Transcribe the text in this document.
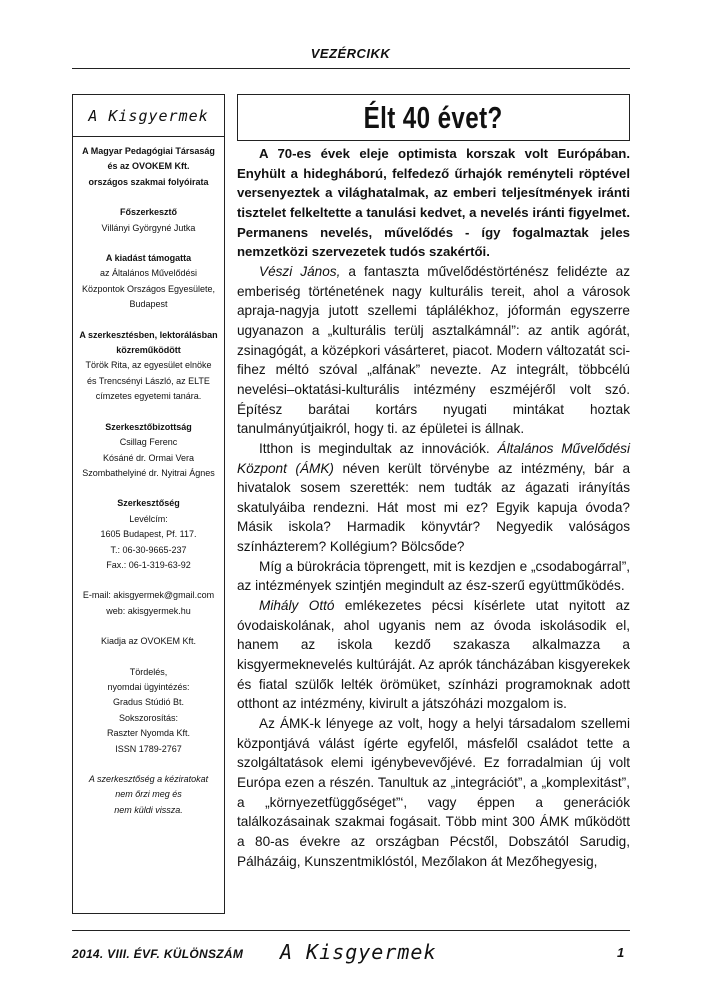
VEZÉRCIKK
A Kisgyermek
A Magyar Pedagógiai Társaság
és az OVOKEM Kft.
országos szakmai folyóirata
Főszerkesztő
Villányi Györgyné Jutka
A kiadást támogatta
az Általános Művelődési
Központok Országos Egyesülete,
Budapest
A szerkesztésben, lektorálásban
közreműködött
Török Rita, az egyesület elnöke
és Trencsényi László, az ELTE
címzetes egyetemi tanára.
Szerkesztőbizottság
Csillag Ferenc
Kósáné dr. Ormai Vera
Szombathelyiné dr. Nyitrai Ágnes
Szerkesztőség
Levélcím:
1605 Budapest, Pf. 117.
T.: 06-30-9665-237
Fax.: 06-1-319-63-92
E-mail: akisgyermek@gmail.com
web: akisgyermek.hu
Kiadja az OVOKEM Kft.
Tördelés,
nyomdai ügyintézés:
Gradus Stúdió Bt.
Sokszorosítás:
Raszter Nyomda Kft.
ISSN 1789-2767
A szerkesztőség a kéziratokat
nem őrzi meg és
nem küldi vissza.
Élt 40 évet?

A 70-es évek eleje optimista korszak volt Európában. Enyhült a hidegháború, felfedező űrhajók reményteli röptével versenyeztek a világhatalmak, az emberi teljesítmények iránti tisztelet felkeltette a tanulási kedvet, a nevelés iránti figyelmet. Permanens nevelés, művelődés - így fogalmaztak jeles nemzetközi szervezetek tudós szakértői.

Vészi János, a fantaszta művelődéstörténész felidézte az emberiség történetének nagy kulturális tereit, ahol a városok apraja-nagyja jutott szellemi táplálékhoz, jóformán egyszerre ugyanazon a „kulturális terülj asztalkámnál”: az antik agórát, zsinagógát, a középkori vásárteret, piacot. Modern változatát sci-fihez méltó szóval „alfának” nevezte. Az integrált, többcélú nevelési–oktatási-kulturális intézmény eszméjéről volt szó. Építész barátai kortárs nyugati mintákat hoztak tanulmányútjaikról, hogy ti. az épületei is állnak.

Itthon is megindultak az innovációk. Általános Művelődési Központ (ÁMK) néven került törvénybe az intézmény, bár a hivatalok sosem szerették: nem tudták az ágazati irányítás skatulyáiba rendezni. Hát most mi ez? Egyik kapuja óvoda? Másik iskola? Harmadik könyvtár? Negyedik valóságos színházterem? Kollégium? Bölcsőde?

Míg a bürokrácia töprengett, mit is kezdjen e „csodabogárral”, az intézmények szintjén megindult az ész-szerű együttműködés.

Mihály Ottó emlékezetes pécsi kísérlete utat nyitott az óvodaiskolának, ahol ugyanis nem az óvoda iskolásodik el, hanem az iskola kezdő szakasza alkalmazza a kisgyermeknevelés kultúráját. Az aprók táncházában kisgyerekek és fiatal szülők lelték örömüket, színházi programoknak adott otthont az intézmény, kivirult a játszóházi mozgalom is.

Az ÁMK-k lényege az volt, hogy a helyi társadalom szellemi központjává válást ígérte egyfelől, másfelől családot tette a szolgáltatások elemi igénybevevőjévé. Ez forradalmian új volt Európa ezen a részén. Tanultuk az „integrációt”, a „komplexitást”, a „környezetfüggőséget”‘, vagy éppen a generációk találkozásainak szakmai fogásait. Több mint 300 ÁMK működött a 80-as évekre az országban Pécstől, Dobszától Sarudig, Pálházáig, Kunszentmiklóstól, Mezőlakon át Mezőhegyesig,

2014. VIII. ÉVF. KÜLÖNSZÁM A Kisgyermek	1
